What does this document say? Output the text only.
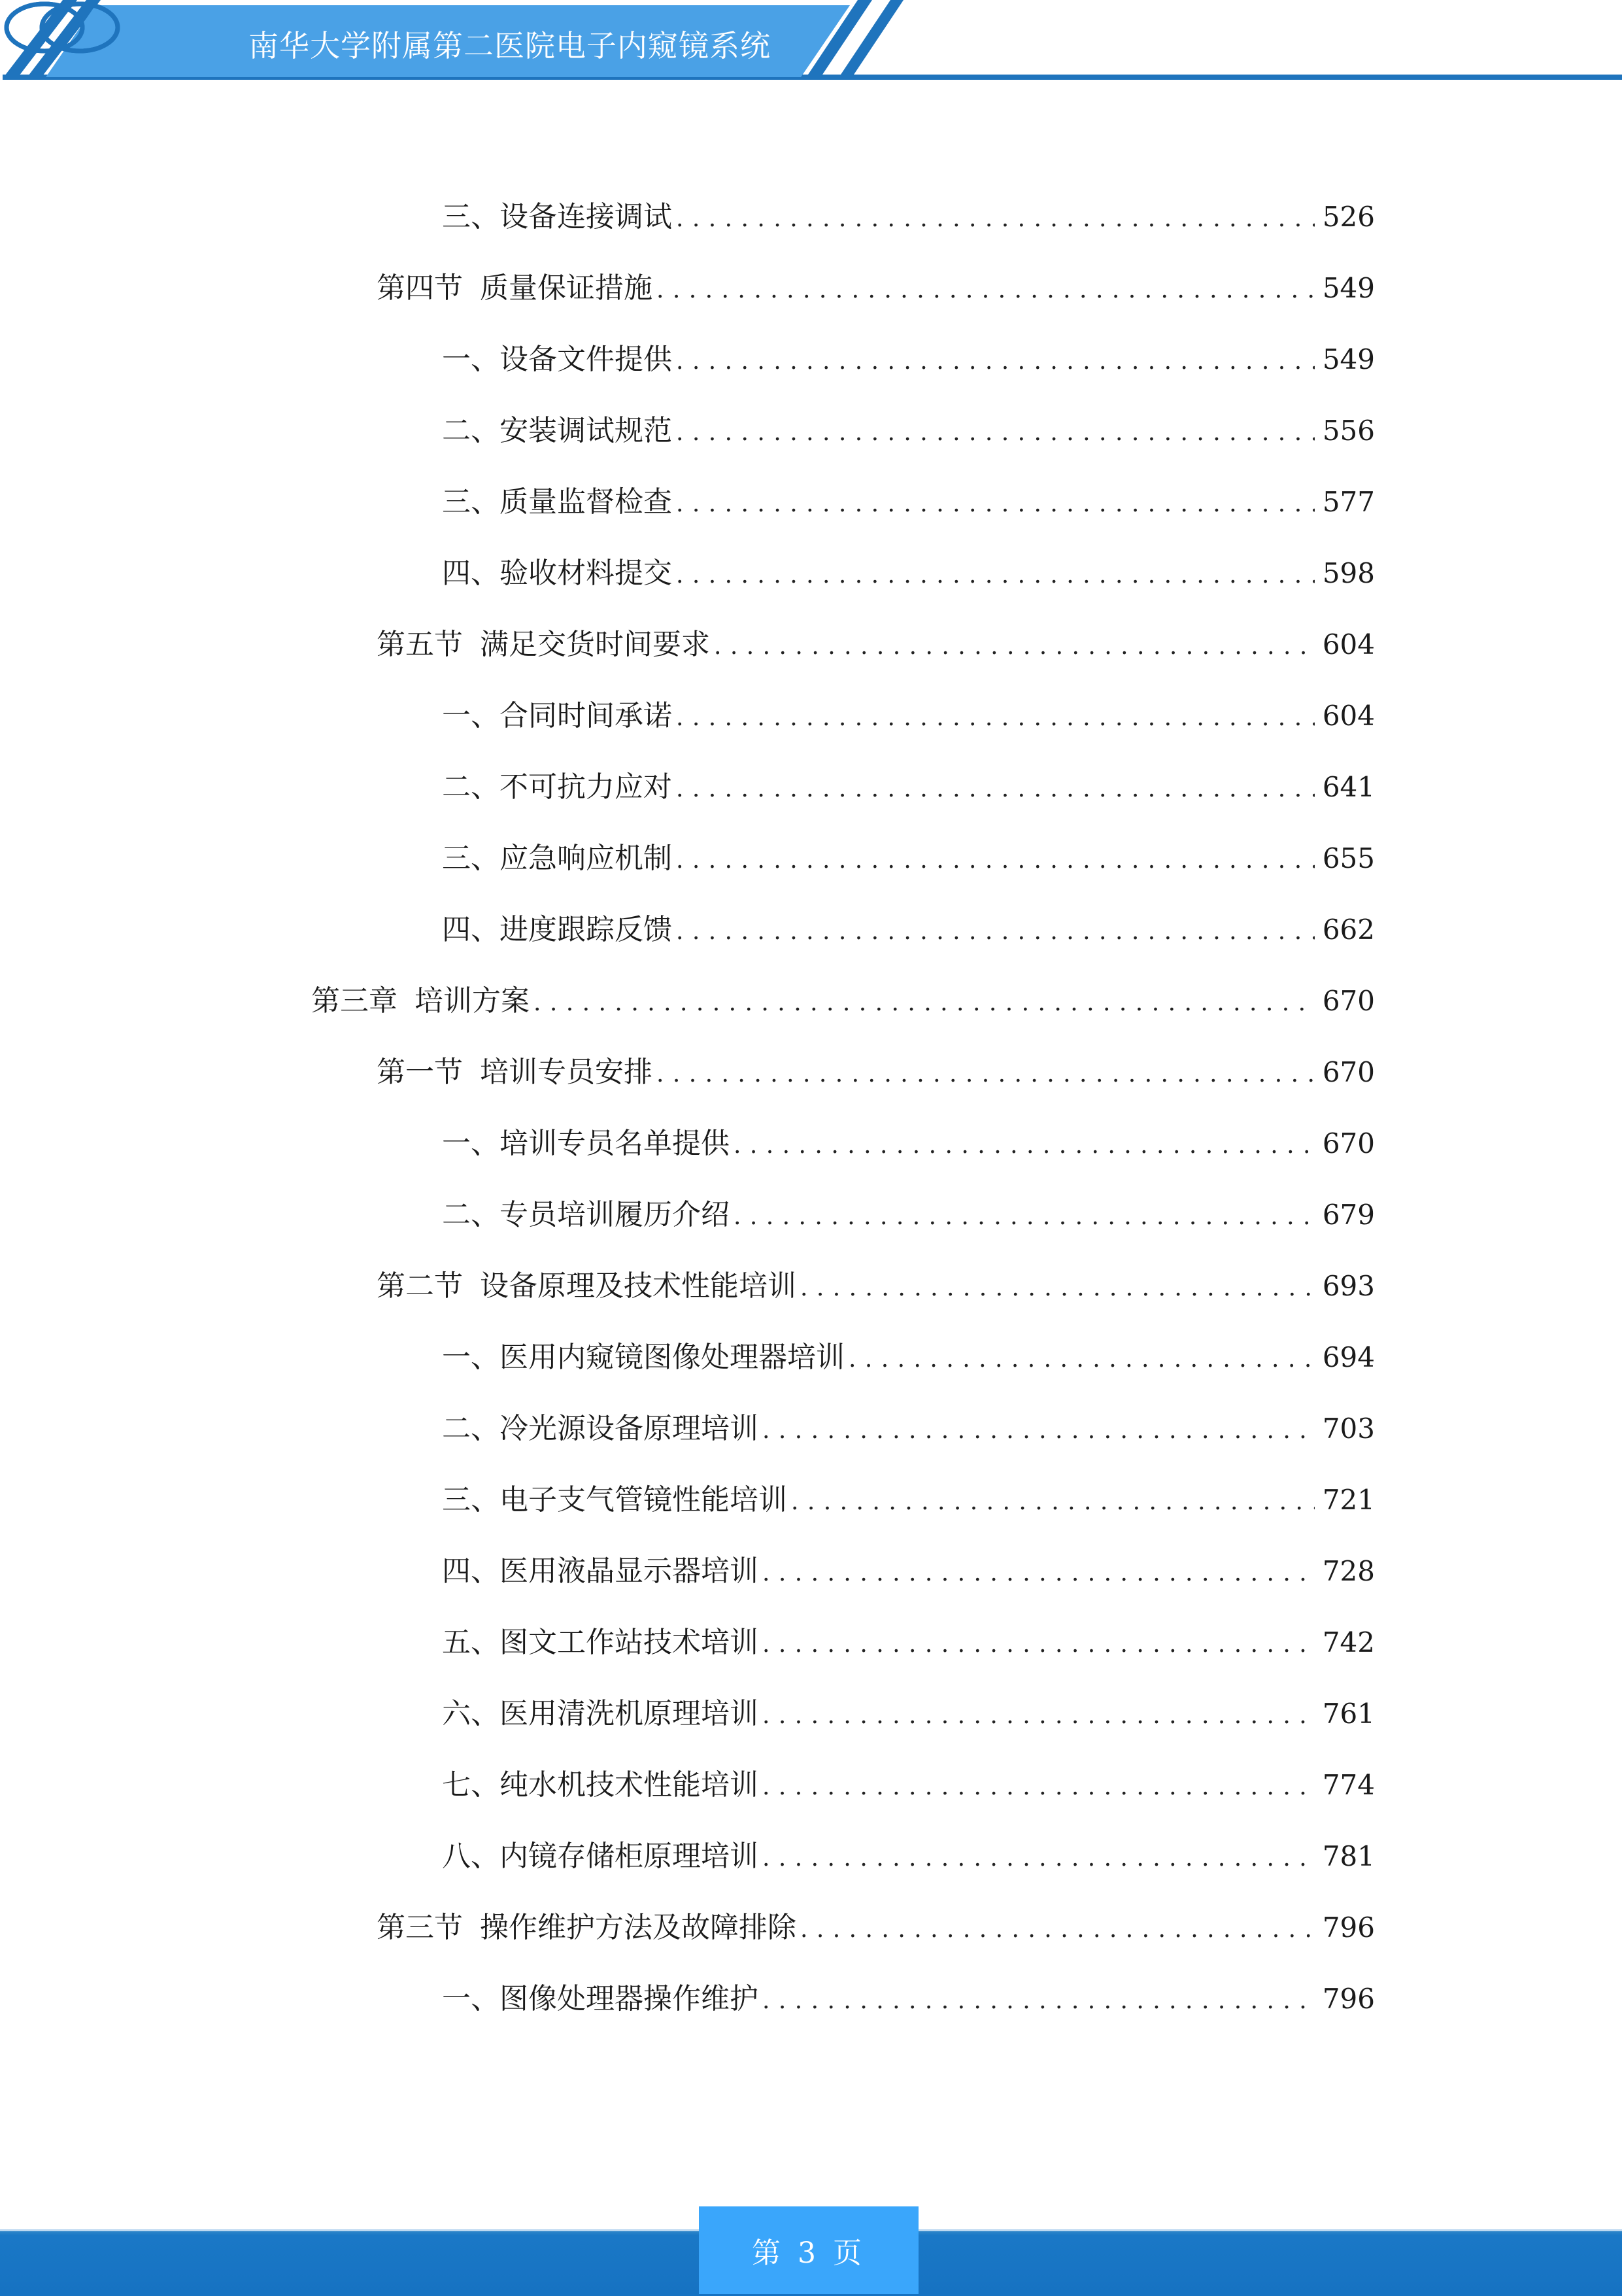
南华大学附属第二医院电子内窥镜系统
三、 设备连接调试 . . .	526
第四节 质量保证措施 . . .	549
一、 设备文件提供 . . .	549
二、 安装调试规范 . . .	556
三、 质量监督检查 . . .	577
四、 验收材料提交 . . .	598
第五节 满足交货时间要求 . . .	604
一、 合同时间承诺 . . .	604
二、 不可抗力应对 . . .	641
三、 应急响应机制 . . .	655
四、 进度跟踪反馈 . . .	662
第三章 培训方案 . . .	670
第一节 培训专员安排 . . .	670
一、 培训专员名单提供 . . .	670
二、 专员培训履历介绍 . . .	679
第二节 设备原理及技术性能培训 . . .	693
一、 医用内窥镜图像处理器培训 . . .	694
二、 冷光源设备原理培训 . . .	703
三、 电子支气管镜性能培训 . . .	721
四、 医用液晶显示器培训 . . .	728
五、 图文工作站技术培训 . . .	742
六、 医用清洗机原理培训 . . .	761
七、 纯水机技术性能培训 . . .	774
八、 内镜存储柜原理培训 . . .	781
第三节 操作维护方法及故障排除 . . .	796
一、 图像处理器操作维护 . . .	796
第 3 页
